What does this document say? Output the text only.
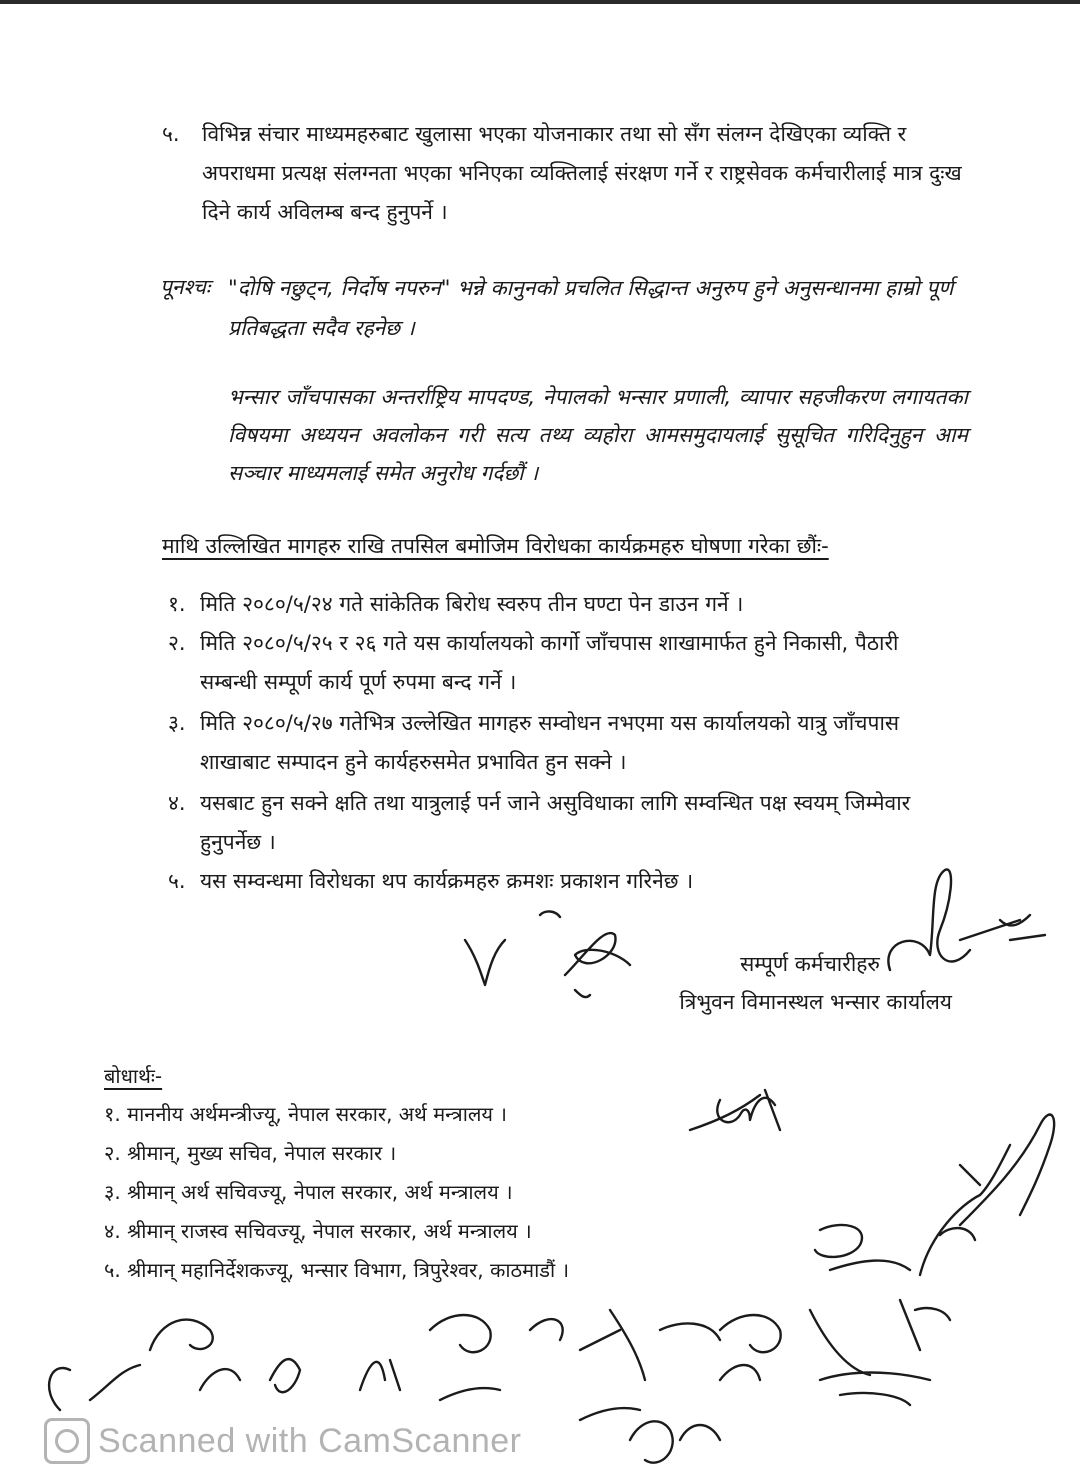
५.	विभिन्न संचार माध्यमहरुबाट खुलासा भएका योजनाकार तथा सो सँग संलग्न देखिएका व्यक्ति र अपराधमा प्रत्यक्ष संलग्नता भएका भनिएका व्यक्तिलाई संरक्षण गर्ने र राष्ट्रसेवक कर्मचारीलाई मात्र दुःख दिने कार्य अविलम्ब बन्द हुनुपर्ने ।
पूनश्चः "दोषि नछुट्‌न, निर्दोष नपरुन" भन्ने कानुनको प्रचलित सिद्धान्त अनुरुप हुने अनुसन्धानमा हाम्रो पूर्ण प्रतिबद्धता सदैव रहनेछ ।
भन्सार जाँचपासका अन्तर्राष्ट्रिय मापदण्ड, नेपालको भन्सार प्रणाली, व्यापार सहजीकरण लगायतका विषयमा अध्ययन अवलोकन गरी सत्य तथ्य व्यहोरा आमसमुदायलाई सुसूचित गरिदिनुहुन आम सञ्चार माध्यमलाई समेत अनुरोध गर्दछौं ।
माथि उल्लिखित मागहरु राखि तपसिल बमोजिम विरोधका कार्यक्रमहरु घोषणा गरेका छौंः-
१. मिति २०८०/५/२४ गते सांकेतिक बिरोध स्वरुप तीन घण्टा पेन डाउन गर्ने ।
२. मिति २०८०/५/२५ र २६ गते यस कार्यालयको कार्गो जाँचपास शाखामार्फत हुने निकासी, पैठारी सम्बन्धी सम्पूर्ण कार्य पूर्ण रुपमा बन्द गर्ने ।
३. मिति २०८०/५/२७ गतेभित्र उल्लेखित मागहरु सम्वोधन नभएमा यस कार्यालयको यात्रु जाँचपास शाखाबाट सम्पादन हुने कार्यहरुसमेत प्रभावित हुन सक्ने ।
४. यसबाट हुन सक्ने क्षति तथा यात्रुलाई पर्न जाने असुविधाका लागि सम्वन्धित पक्ष स्वयम् जिम्मेवार हुनुपर्नेछ ।
५. यस सम्वन्धमा विरोधका थप कार्यक्रमहरु क्रमशः प्रकाशन गरिनेछ ।
सम्पूर्ण कर्मचारीहरु
त्रिभुवन विमानस्थल भन्सार कार्यालय
बोधार्थः-
१. माननीय अर्थमन्त्रीज्यू, नेपाल सरकार, अर्थ मन्त्रालय ।
२. श्रीमान्, मुख्य सचिव, नेपाल सरकार ।
३. श्रीमान् अर्थ सचिवज्यू, नेपाल सरकार, अर्थ मन्त्रालय ।
४. श्रीमान् राजस्व सचिवज्यू, नेपाल सरकार, अर्थ मन्त्रालय ।
५. श्रीमान् महानिर्देशकज्यू, भन्सार विभाग, त्रिपुरेश्वर, काठमाडौं ।
Scanned with CamScanner
